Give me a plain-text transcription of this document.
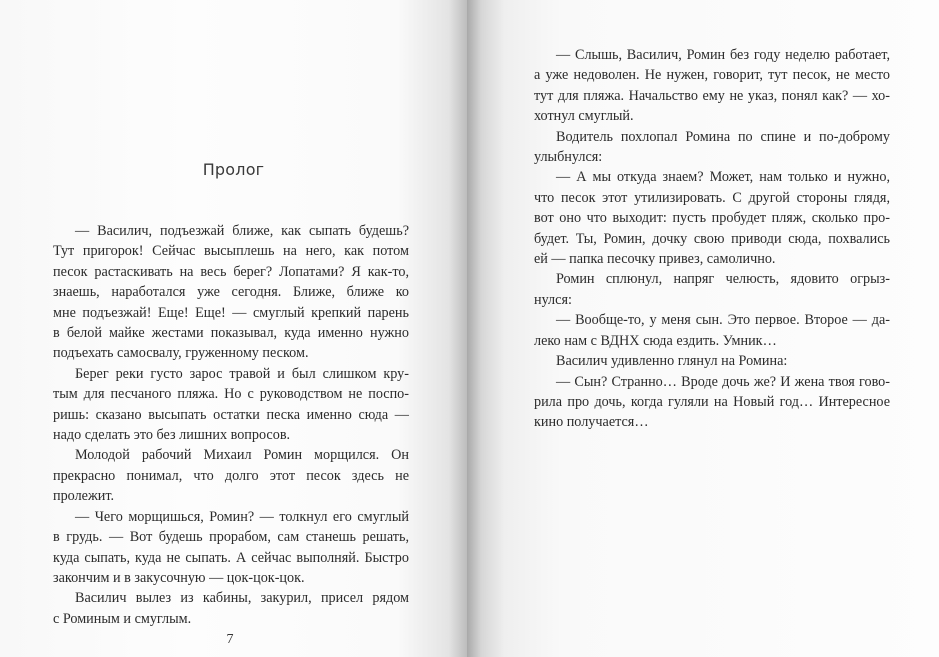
Пролог
— Василич, подъезжай ближе, как сыпать будешь?
Тут пригорок! Сейчас высыплешь на него, как потом
песок растаскивать на весь берег? Лопатами? Я как-то,
знаешь, наработался уже сегодня. Ближе, ближе ко
мне подъезжай! Еще! Еще! — смуглый крепкий парень
в белой майке жестами показывал, куда именно нужно
подъехать самосвалу, груженному песком.
Берег реки густо зарос травой и был слишком кру-
тым для песчаного пляжа. Но с руководством не поспо-
ришь: сказано высыпать остатки песка именно сюда —
надо сделать это без лишних вопросов.
Молодой рабочий Михаил Ромин морщился. Он
прекрасно понимал, что долго этот песок здесь не
пролежит.
— Чего морщишься, Ромин? — толкнул его смуглый
в грудь. — Вот будешь прорабом, сам станешь решать,
куда сыпать, куда не сыпать. А сейчас выполняй. Быстро
закончим и в закусочную — цок-цок-цок.
Василич вылез из кабины, закурил, присел рядом
с Роминым и смуглым.
7
— Слышь, Василич, Ромин без году неделю работает,
а уже недоволен. Не нужен, говорит, тут песок, не место
тут для пляжа. Начальство ему не указ, понял как? — хо-
хотнул смуглый.
Водитель похлопал Ромина по спине и по-доброму
улыбнулся:
— А мы откуда знаем? Может, нам только и нужно,
что песок этот утилизировать. С другой стороны глядя,
вот оно что выходит: пусть пробудет пляж, сколько про-
будет. Ты, Ромин, дочку свою приводи сюда, похвались
ей — папка песочку привез, самолично.
Ромин сплюнул, напряг челюсть, ядовито огрыз-
нулся:
— Вообще-то, у меня сын. Это первое. Второе — да-
леко нам с ВДНХ сюда ездить. Умник…
Василич удивленно глянул на Ромина:
— Сын? Странно… Вроде дочь же? И жена твоя гово-
рила про дочь, когда гуляли на Новый год… Интересное
кино получается…
